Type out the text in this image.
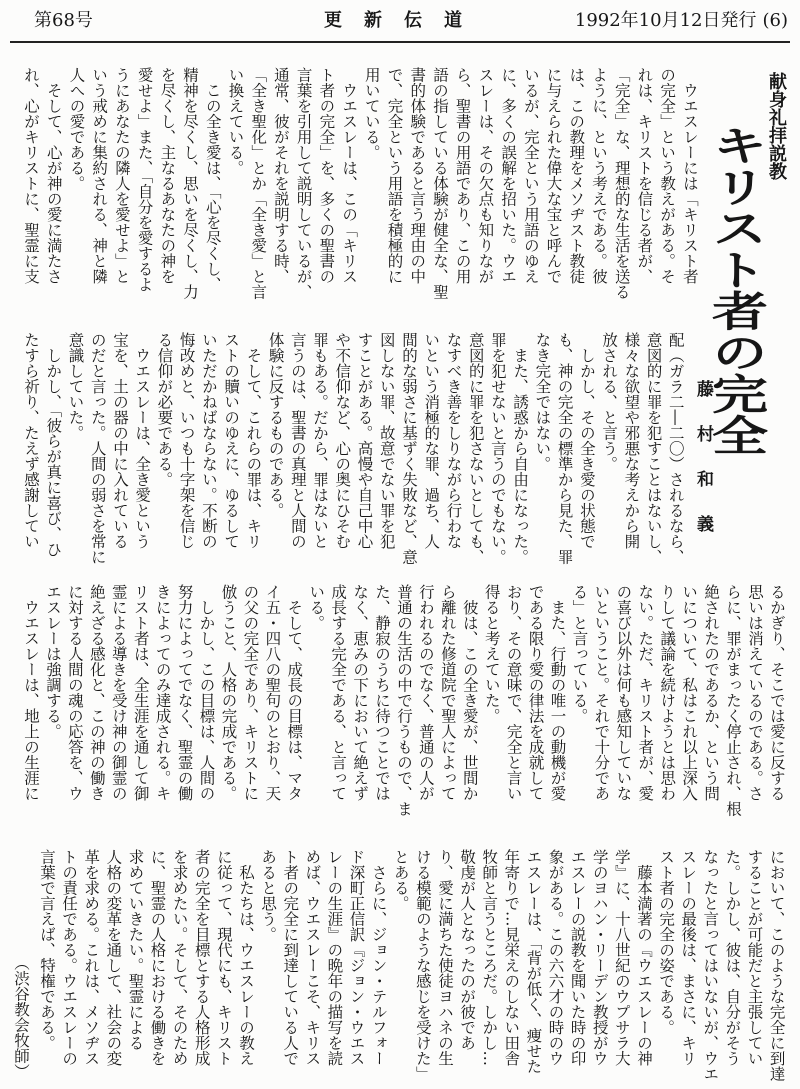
第68号	更新伝道	1992年10月12日発行 (6)
献身礼拝説教
キリスト者の完全
藤村和義
　ウエスレーには「キリスト者
の完全」という教えがある。そ
れは、キリストを信じる者が、
「完全」な、理想的な生活を送る
ように、という考えである。彼
は、この教理をメソヂスト教徒
に与えられた偉大な宝と呼んで
いるが、完全という用語のゆえ
に、多くの誤解を招いた。ウエ
スレーは、その欠点も知りなが
ら、聖書の用語であり、この用
語の指している体験が健全な、聖
書的体験であると言う理由の中
で、完全という用語を積極的に
用いている。
　ウエスレーは、この「キリス
ト者の完全」を、多くの聖書の
言葉を引用して説明しているが、
通常、彼がそれを説明する時、
「全き聖化」とか「全き愛」と言
い換えている。
　この全き愛は、「心を尽くし、
精神を尽くし、思いを尽くし、力
を尽くし、主なるあなたの神を
愛せよ」また、「自分を愛するよ
うにあなたの隣人を愛せよ」と
いう戒めに集約される、神と隣
人への愛である。
　そして、心が神の愛に満たさ
れ、心がキリストに、聖霊に支
配（ガラ二―二〇）されるなら、
意図的に罪を犯すことはないし、
様々な欲望や邪悪な考えから開
放される、と言う。
　しかし、その全き愛の状態で
も、神の完全の標準から見た、罪
なき完全ではない。
　また、誘惑から自由になった。
罪を犯せないと言うのでもない。
意図的に罪を犯さないとしても、
なすべき善をしりながら行わな
いという消極的な罪、過ち、人
間的な弱さに基ずく失敗など、意
図しない罪、故意でない罪を犯
すことがある。高慢や自己中心
や不信仰など、心の奥にひそむ
罪もある。だから、罪はないと
言うのは、聖書の真理と人間の
体験に反するものである。
　そして、これらの罪は、キリ
ストの贖いのゆえに、ゆるして
いただかねばならない。不断の
悔改めと、いつも十字架を信じ
る信仰が必要である。
　ウエスレーは、全き愛という
宝を、土の器の中に入れている
のだと言った。人間の弱さを常に
意識していた。
　しかし、「彼らが真に喜び、ひ
たすら祈り、たえず感謝してい
るかぎり、そこでは愛に反する
思いは消えているのである。さ
らに、罪がまったく停止され、根
絶されたのであるか、という問
いについて、私はこれ以上深入
りして議論を続けようとは思わ
ない。ただ、キリスト者が、愛
の喜び以外は何も感知していな
いということ。それで十分であ
る」と言っている。
　また、行動の唯一の動機が愛
である限り愛の律法を成就して
おり、その意味で、完全と言い
得ると考えていた。
　彼は、この全き愛が、世間か
ら離れた修道院で聖人によって
行われるのでなく、普通の人が
普通の生活の中で行うもので、ま
た、静寂のうちに待つことでは
なく、恵みの下において絶えず
成長する完全である、と言って
いる。
　そして、成長の目標は、マタ
イ五・四八の聖句のとおり、天
の父の完全であり、キリストに
倣うこと、人格の完成である。
　しかし、この目標は、人間の
努力によってでなく、聖霊の働
きによってのみ達成される。キ
リスト者は、全生涯を通して御
霊による導きを受け神の御霊の
絶えざる感化と、この神の働き
に対する人間の魂の応答を、ウ
エスレーは強調する。
　ウエスレーは、地上の生涯に
において、このような完全に到達
することが可能だと主張してい
た。しかし、彼は、自分がそう
なったと言ってはいないが、ウエ
スレーの最後は、まさに、キリ
スト者の完全の姿である。
　藤本満著の『ウエスレーの神
学』に、十八世紀のウプサラ大
学のヨハン・リーデン教授がウ
エスレーの説教を聞いた時の印
象がある。この六六才の時のウ
エスレーは、「背が低く、痩せた
年寄りで…見栄えのしない田舎
牧師と言うところだ。しかし…
敬虔が人となったのが彼であ
り、愛に満ちた使徒ヨハネの生
ける模範のような感じを受けた」
とある。
　さらに、ジョン・テルフォー
ド深町正信訳『ジョン・ウエス
レーの生涯』の晩年の描写を読
めば、ウエスレーこそ、キリス
ト者の完全に到達している人で
あると思う。
　私たちは、ウエスレーの教え
に従って、現代にも、キリスト
者の完全を目標とする人格形成
を求めたい。そして、そのため
に、聖霊の人格における働きを
求めていきたい。聖霊による
人格の変革を通して、社会の変
革を求める。これは、メソヂス
トの責任である。ウエスレーの
言葉で言えば、特権である。
（渋谷教会牧師）
